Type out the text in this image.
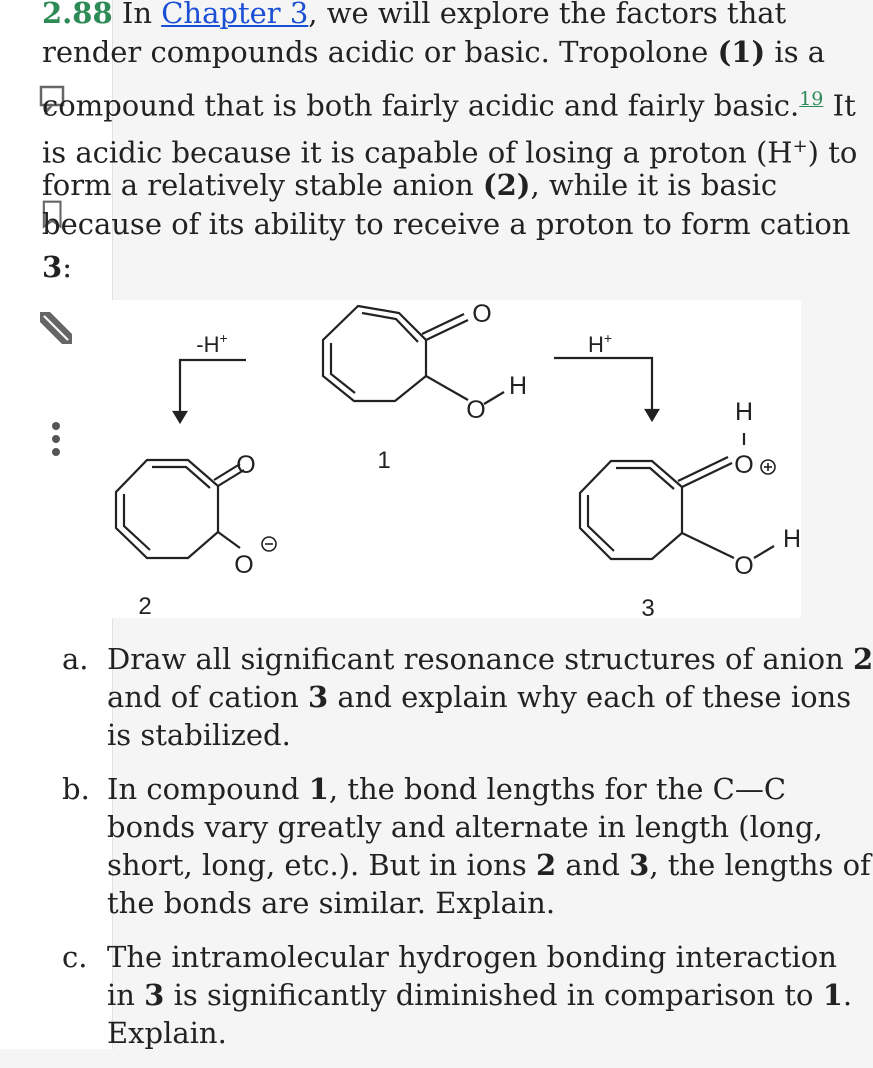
2.88 In Chapter 3, we will explore the factors that
render compounds acidic or basic. Tropolone (1) is a
compound that is both fairly acidic and fairly basic.$^{19}$ It
is acidic because it is capable of losing a proton (H+) to
form a relatively stable anion (2), while it is basic
because of its ability to receive a proton to form cation
3:
O
O
H
1
-H+	H+
O
O
2
H
O
O
H
3
a. Draw all significant resonance structures of anion 2
and of cation 3 and explain why each of these ions
is stabilized.
b. In compound 1, the bond lengths for the C—C
bonds vary greatly and alternate in length (long,
short, long, etc.). But in ions 2 and 3, the lengths of
the bonds are similar. Explain.
c. The intramolecular hydrogen bonding interaction
in 3 is significantly diminished in comparison to 1.
Explain.
